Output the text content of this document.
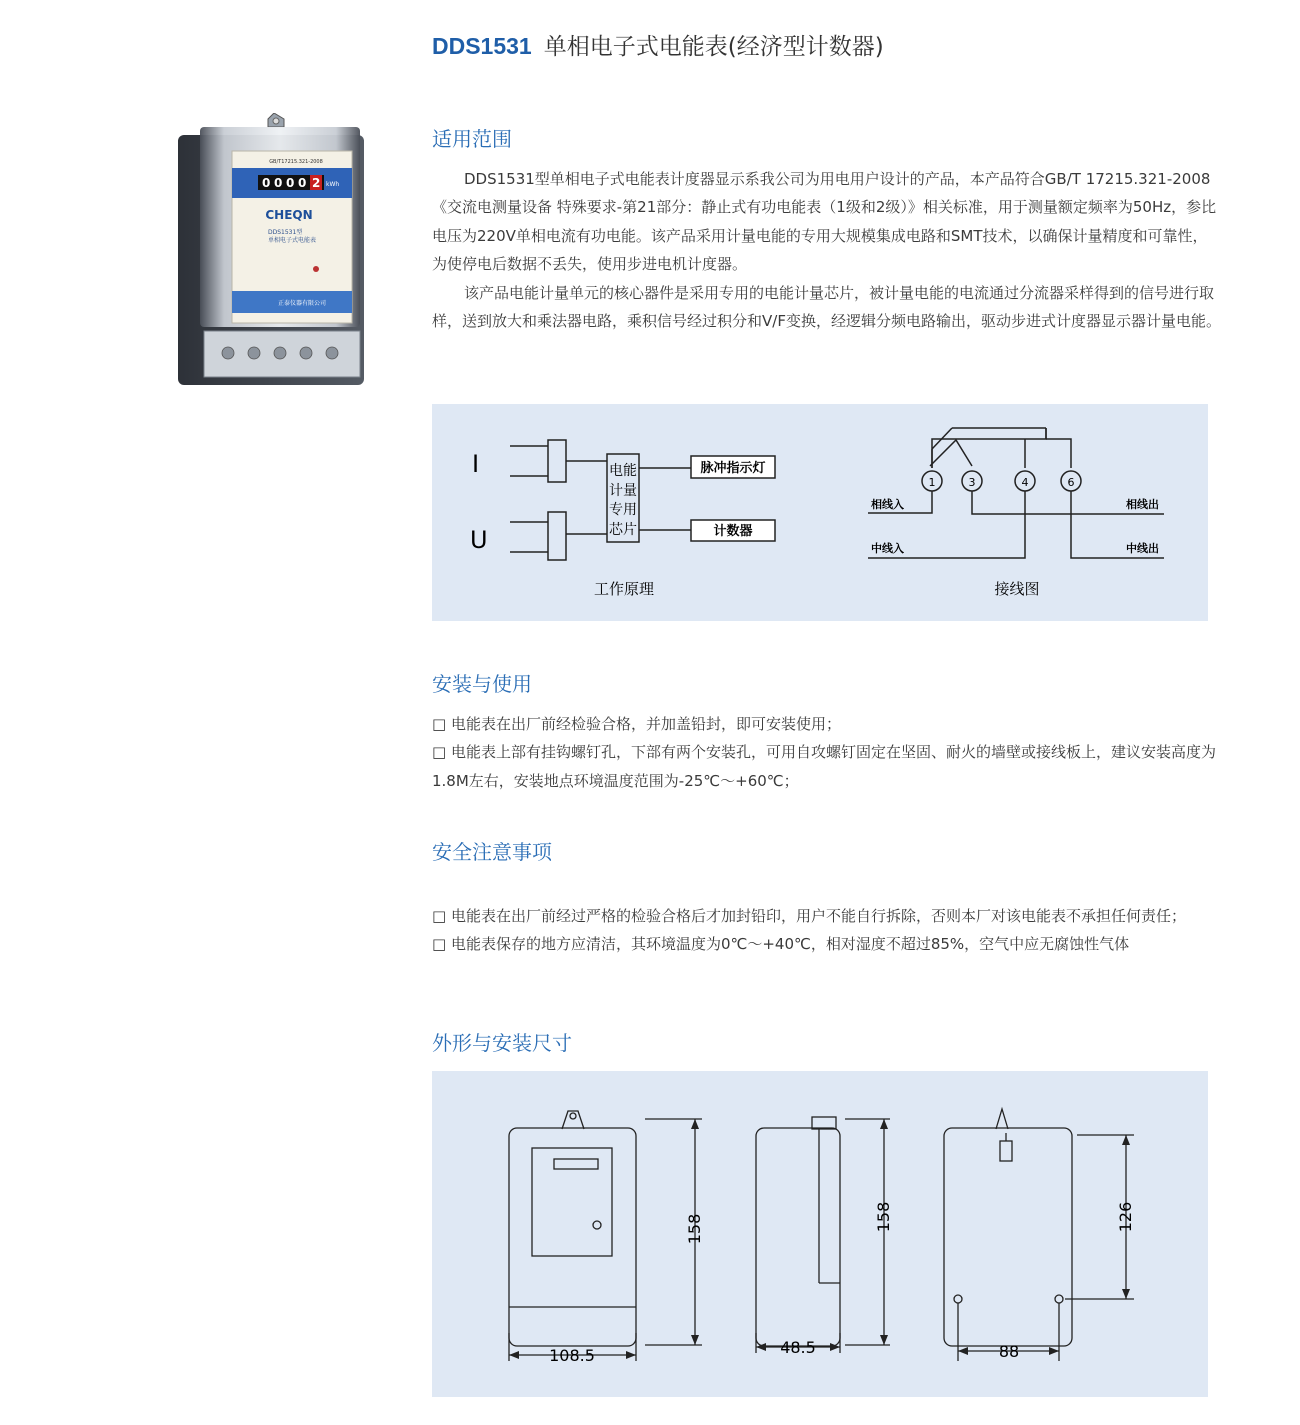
DDS1531 单相电子式电能表(经济型计数器)
0 0 0 0 2 kWh
GB/T17215.321-2008
CHEQN
DDS1531型
单相电子式电能表
正泰仪器有限公司
适用范围

DDS1531型单相电子式电能表计度器显示系我公司为用电用户设计的产品，本产品符合GB/T 17215.321-2008《交流电测量设备 特殊要求-第21部分：静止式有功电能表（1级和2级）》相关标准，用于测量额定频率为50Hz，参比电压为220V单相电流有功电能。该产品采用计量电能的专用大规模集成电路和SMT技术，以确保计量精度和可靠性，为使停电后数据不丢失，使用步进电机计度器。

该产品电能计量单元的核心器件是采用专用的电能计量芯片，被计量电能的电流通过分流器采样得到的信号进行取样，送到放大和乘法器电路，乘积信号经过积分和V/F变换，经逻辑分频电路输出，驱动步进式计度器显示器计量电能。

I
U
电能
计量
专用
芯片
脉冲指示灯
计数器
工作原理
1	3	4	6
相线入	相线出
中线入	中线出
接线图
安装与使用

□ 电能表在出厂前经检验合格，并加盖铅封，即可安装使用；

□ 电能表上部有挂钩螺钉孔，下部有两个安装孔，可用自攻螺钉固定在坚固、耐火的墙壁或接线板上，建议安装高度为1.8M左右，安装地点环境温度范围为-25℃～+60℃；

安全注意事项

□ 电能表在出厂前经过严格的检验合格后才加封铅印，用户不能自行拆除，否则本厂对该电能表不承担任何责任；

□ 电能表保存的地方应清洁，其环境温度为0℃～+40℃，相对湿度不超过85%，空气中应无腐蚀性气体

外形与安装尺寸
158
108.5
158
48.5
126
88
